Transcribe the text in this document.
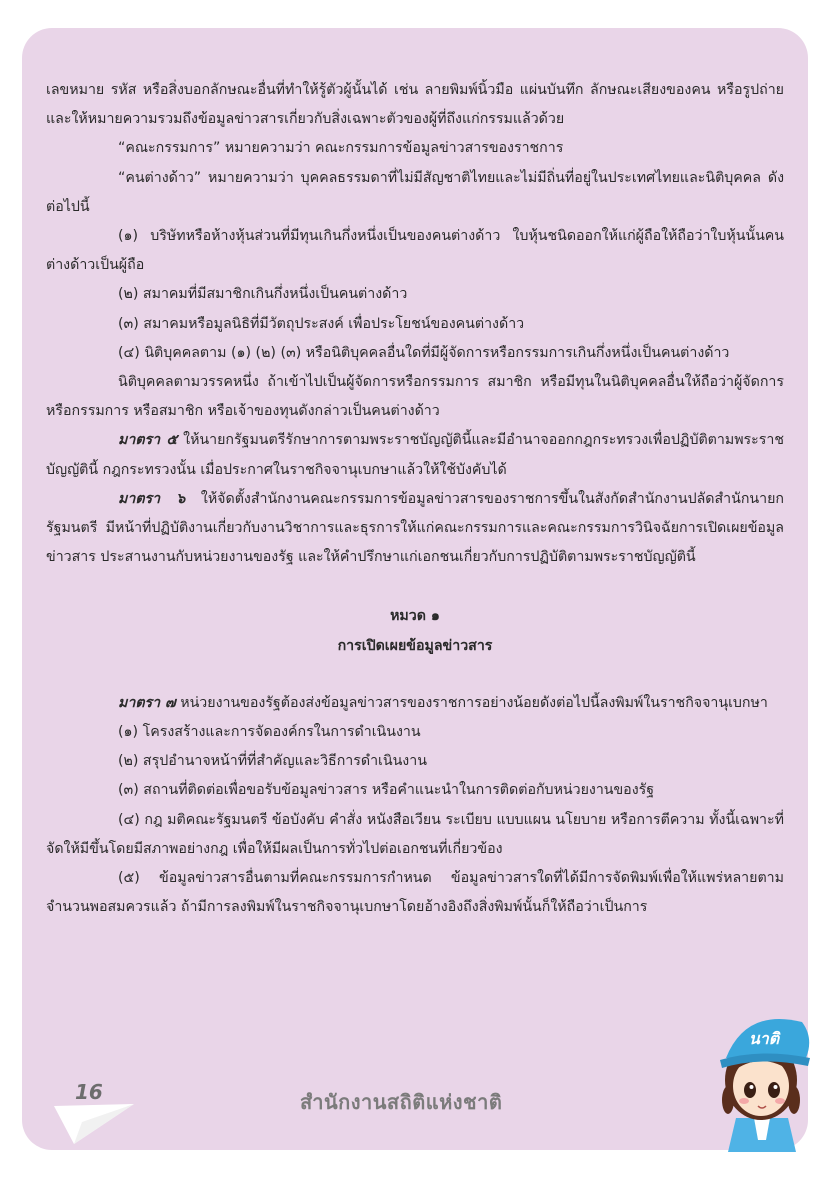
เลขหมาย รหัส หรือสิ่งบอกลักษณะอื่นที่ทำให้รู้ตัวผู้นั้นได้ เช่น ลายพิมพ์นิ้วมือ แผ่นบันทึก ลักษณะเสียงของคน หรือรูปถ่าย และให้หมายความรวมถึงข้อมูลข่าวสารเกี่ยวกับสิ่งเฉพาะตัวของผู้ที่ถึงแก่กรรมแล้วด้วย

“คณะกรรมการ” หมายความว่า คณะกรรมการข้อมูลข่าวสารของราชการ

“คนต่างด้าว” หมายความว่า บุคคลธรรมดาที่ไม่มีสัญชาติไทยและไม่มีถิ่นที่อยู่ในประเทศไทยและนิติบุคคล ดังต่อไปนี้

(๑) บริษัทหรือห้างหุ้นส่วนที่มีทุนเกินกึ่งหนึ่งเป็นของคนต่างด้าว ใบหุ้นชนิดออกให้แก่ผู้ถือให้ถือว่าใบหุ้นนั้นคนต่างด้าวเป็นผู้ถือ

(๒) สมาคมที่มีสมาชิกเกินกึ่งหนึ่งเป็นคนต่างด้าว

(๓) สมาคมหรือมูลนิธิที่มีวัตถุประสงค์ เพื่อประโยชน์ของคนต่างด้าว

(๔) นิติบุคคลตาม (๑) (๒) (๓) หรือนิติบุคคลอื่นใดที่มีผู้จัดการหรือกรรมการเกินกึ่งหนึ่งเป็นคนต่างด้าว

นิติบุคคลตามวรรคหนึ่ง ถ้าเข้าไปเป็นผู้จัดการหรือกรรมการ สมาชิก หรือมีทุนในนิติบุคคลอื่นให้ถือว่าผู้จัดการหรือกรรมการ หรือสมาชิก หรือเจ้าของทุนดังกล่าวเป็นคนต่างด้าว

มาตรา ๕ ให้นายกรัฐมนตรีรักษาการตามพระราชบัญญัตินี้และมีอำนาจออกกฎกระทรวงเพื่อปฏิบัติตามพระราชบัญญัตินี้ กฎกระทรวงนั้น เมื่อประกาศในราชกิจจานุเบกษาแล้วให้ใช้บังคับได้

มาตรา ๖ ให้จัดตั้งสำนักงานคณะกรรมการข้อมูลข่าวสารของราชการขึ้นในสังกัดสำนักงานปลัดสำนักนายกรัฐมนตรี มีหน้าที่ปฏิบัติงานเกี่ยวกับงานวิชาการและธุรการให้แก่คณะกรรมการและคณะกรรมการวินิจฉัยการเปิดเผยข้อมูลข่าวสาร ประสานงานกับหน่วยงานของรัฐ และให้คำปรึกษาแก่เอกชนเกี่ยวกับการปฏิบัติตามพระราชบัญญัตินี้

หมวด ๑

การเปิดเผยข้อมูลข่าวสาร

มาตรา ๗ หน่วยงานของรัฐต้องส่งข้อมูลข่าวสารของราชการอย่างน้อยดังต่อไปนี้ลงพิมพ์ในราชกิจจานุเบกษา

(๑) โครงสร้างและการจัดองค์กรในการดำเนินงาน

(๒) สรุปอำนาจหน้าที่ที่สำคัญและวิธีการดำเนินงาน

(๓) สถานที่ติดต่อเพื่อขอรับข้อมูลข่าวสาร หรือคำแนะนำในการติดต่อกับหน่วยงานของรัฐ

(๔) กฎ มติคณะรัฐมนตรี ข้อบังคับ คำสั่ง หนังสือเวียน ระเบียบ แบบแผน นโยบาย หรือการตีความ ทั้งนี้เฉพาะที่จัดให้มีขึ้นโดยมีสภาพอย่างกฎ เพื่อให้มีผลเป็นการทั่วไปต่อเอกชนที่เกี่ยวข้อง

(๕) ข้อมูลข่าวสารอื่นตามที่คณะกรรมการกำหนด ข้อมูลข่าวสารใดที่ได้มีการจัดพิมพ์เพื่อให้แพร่หลายตามจำนวนพอสมควรแล้ว ถ้ามีการลงพิมพ์ในราชกิจจานุเบกษาโดยอ้างอิงถึงสิ่งพิมพ์นั้นก็ให้ถือว่าเป็นการ

16	สำนักงานสถิติแห่งชาติ
นาติ
